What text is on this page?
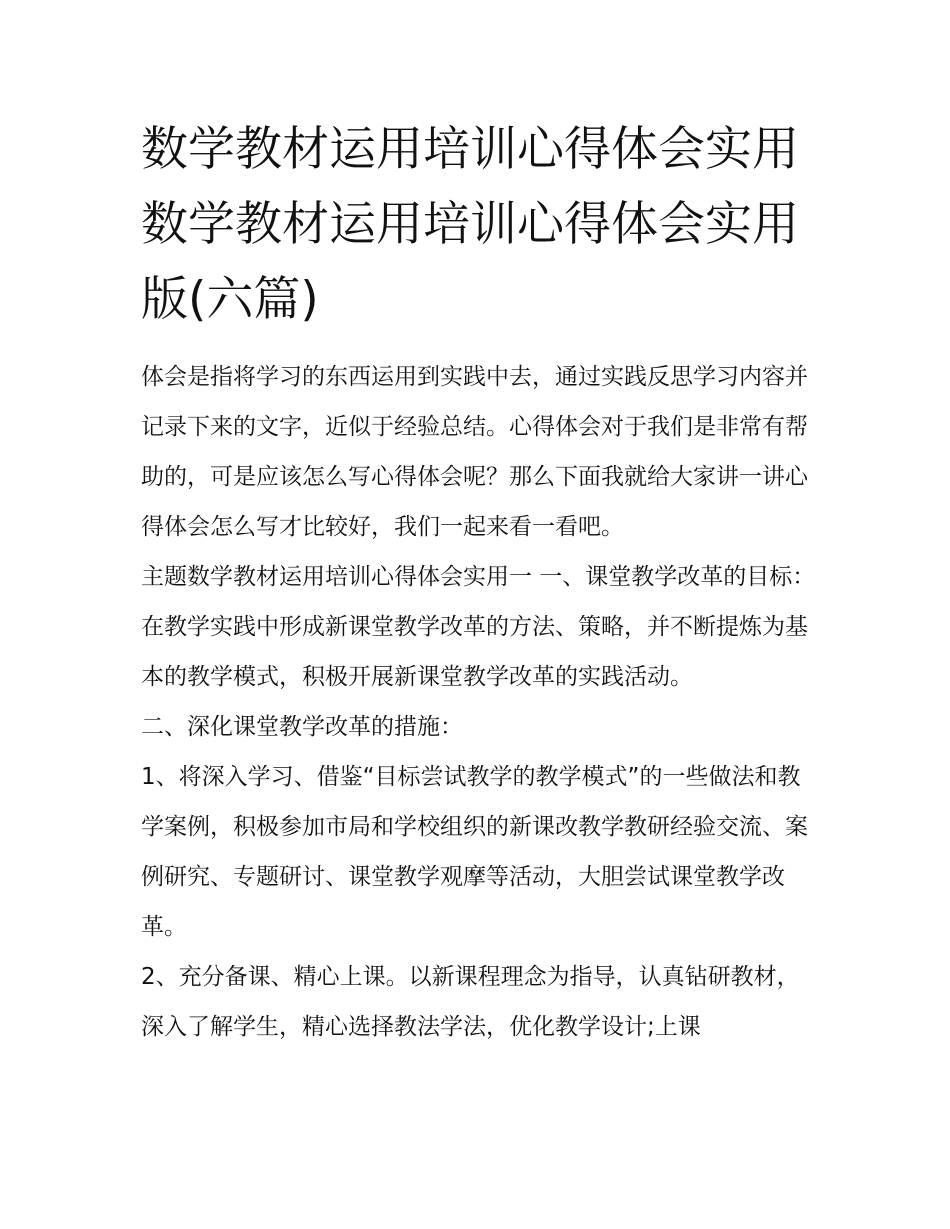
数学教材运用培训心得体会实用 数学教材运用培训心得体会实用版(六篇)

体会是指将学习的东西运用到实践中去，通过实践反思学习内容并记录下来的文字，近似于经验总结。心得体会对于我们是非常有帮助的，可是应该怎么写心得体会呢？那么下面我就给大家讲一讲心得体会怎么写才比较好，我们一起来看一看吧。

主题数学教材运用培训心得体会实用一 一、课堂教学改革的目标：

在教学实践中形成新课堂教学改革的方法、策略，并不断提炼为基本的教学模式，积极开展新课堂教学改革的实践活动。

二、深化课堂教学改革的措施：

1、将深入学习、借鉴“目标尝试教学的教学模式”的一些做法和教学案例，积极参加市局和学校组织的新课改教学教研经验交流、案例研究、专题研讨、课堂教学观摩等活动，大胆尝试课堂教学改革。

2、充分备课、精心上课。以新课程理念为指导，认真钻研教材，深入了解学生，精心选择教法学法，优化教学设计;上课
